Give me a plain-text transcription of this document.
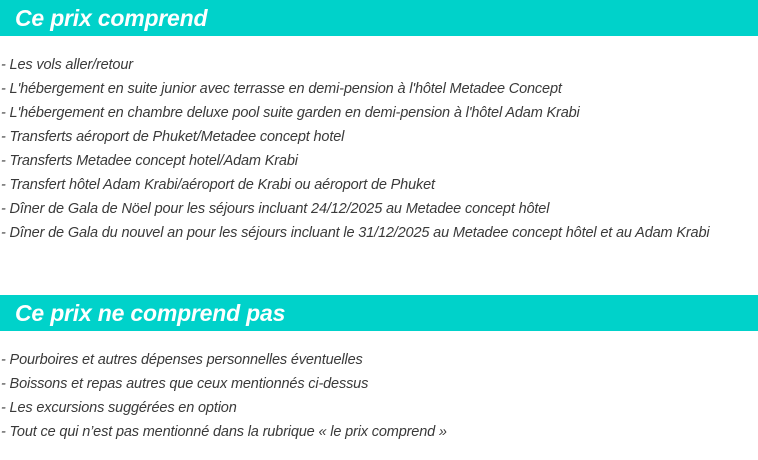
Ce prix comprend
- Les vols aller/retour
- L'hébergement en suite junior avec terrasse en demi-pension à l'hôtel Metadee Concept
- L'hébergement en chambre deluxe pool suite garden en demi-pension à l'hôtel Adam Krabi
- Transferts aéroport de Phuket/Metadee concept hotel
- Transferts Metadee concept hotel/Adam Krabi
- Transfert hôtel Adam Krabi/aéroport de Krabi ou aéroport de Phuket
- Dîner de Gala de Nöel pour les séjours incluant 24/12/2025 au Metadee concept hôtel
- Dîner de Gala du nouvel an pour les séjours incluant le 31/12/2025 au Metadee concept hôtel et au Adam Krabi
Ce prix ne comprend pas
- Pourboires et autres dépenses personnelles éventuelles
- Boissons et repas autres que ceux mentionnés ci-dessus
- Les excursions suggérées en option
- Tout ce qui n’est pas mentionné dans la rubrique « le prix comprend »
